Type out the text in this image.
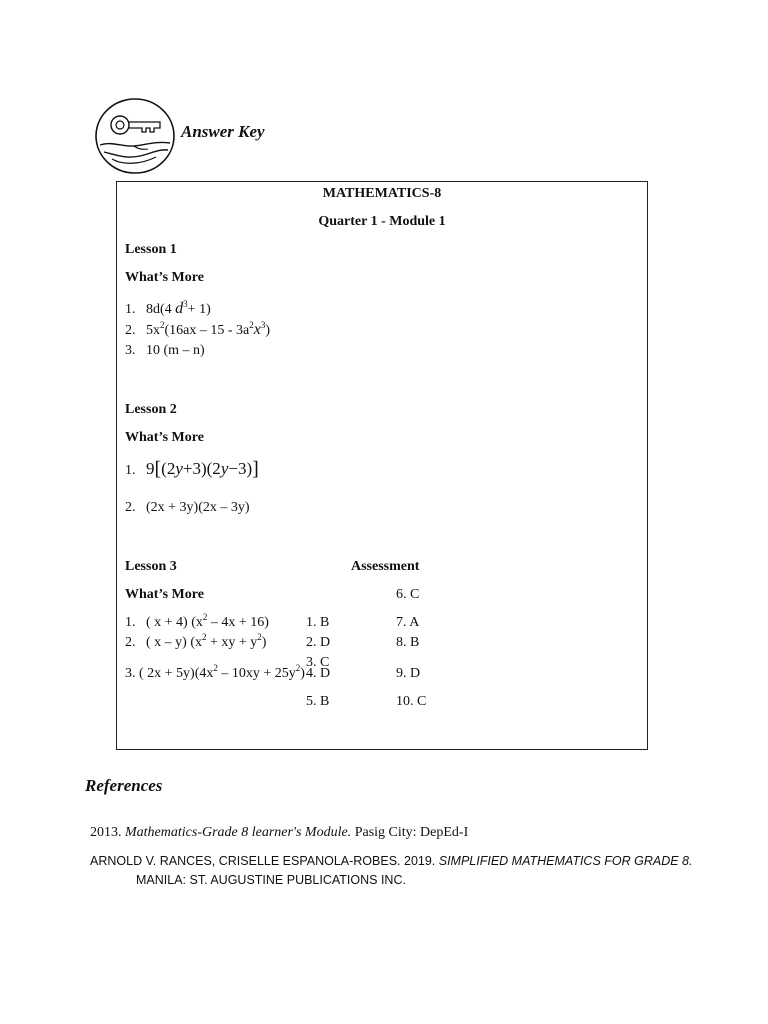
Answer Key
MATHEMATICS-8
Quarter 1 - Module 1
Lesson 1
What’s More
1. 8d(4 $d^3+ 1$)
2. $5x^2(16ax - 15 - 3a^2x^3)$
3. 10 (m – n)
Lesson 2
What’s More
1. 9[(2y+3)(2y−3)]
2. (2x + 3y)(2x – 3y)
Lesson 3	Assessment
What’s More
1. ( x + 4) $(x^2 - 4x + 16)$
2. ( x – y) ($x^2$ + xy + $y^2$)
3. ( $2x + 5y)(4x^2 - 10xy + 25y^2)$
1. B
2. D
3. C
4. D
5. B
6. C
7. A
8. B
9. D
10. C
References
2013. Mathematics-Grade 8 learner's Module. Pasig City: DepEd-I
ARNOLD V. RANCES, CRISELLE ESPANOLA-ROBES. 2019. SIMPLIFIED MATHEMATICS FOR GRADE 8.
MANILA: ST. AUGUSTINE PUBLICATIONS INC.
